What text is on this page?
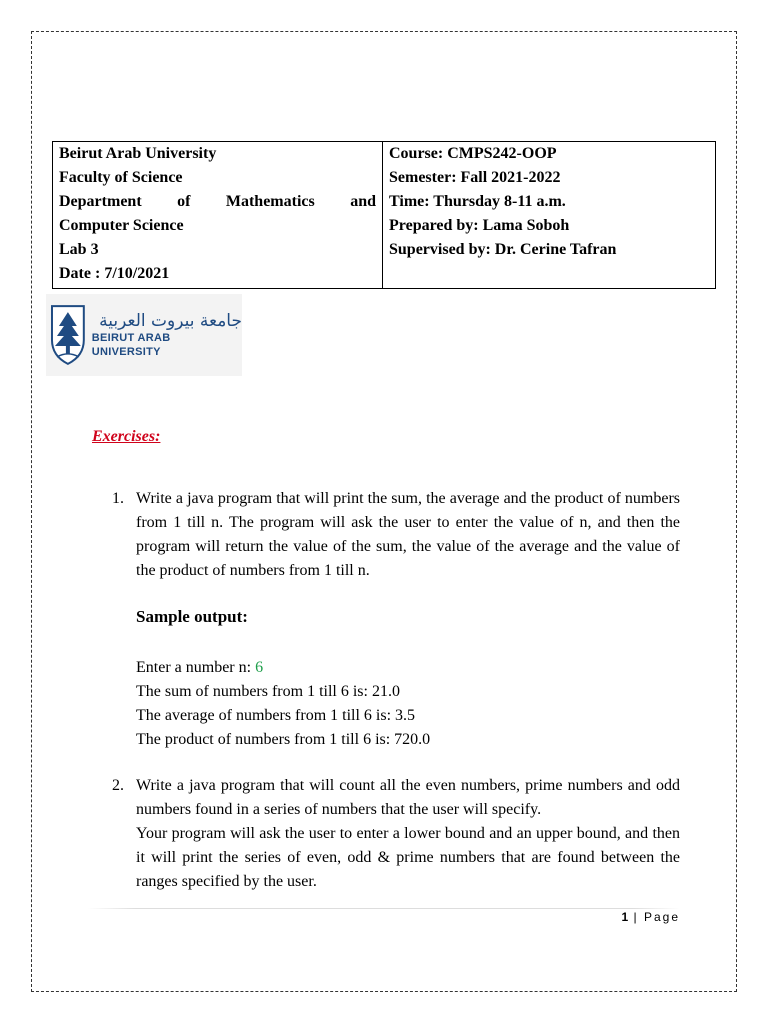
Beirut Arab University
Faculty of Science
Department of Mathematics and
Computer Science
Lab 3
Date : 7/10/2021

Course: CMPS242-OOP
Semester: Fall 2021-2022
Time: Thursday 8-11 a.m.
Prepared by: Lama Soboh
Supervised by: Dr. Cerine Tafran
جامعة بيروت العربية
BEIRUT ARAB UNIVERSITY
Exercises:
1. Write a java program that will print the sum, the average and the product of numbers from 1 till n. The program will ask the user to enter the value of n, and then the program will return the value of the sum, the value of the average and the value of the product of numbers from 1 till n.
Sample output:
Enter a number n: 6
The sum of numbers from 1 till 6 is: 21.0
The average of numbers from 1 till 6 is: 3.5
The product of numbers from 1 till 6 is: 720.0
2. Write a java program that will count all the even numbers, prime numbers and odd numbers found in a series of numbers that the user will specify.
Your program will ask the user to enter a lower bound and an upper bound, and then it will print the series of even, odd & prime numbers that are found between the ranges specified by the user.
1 | Page
